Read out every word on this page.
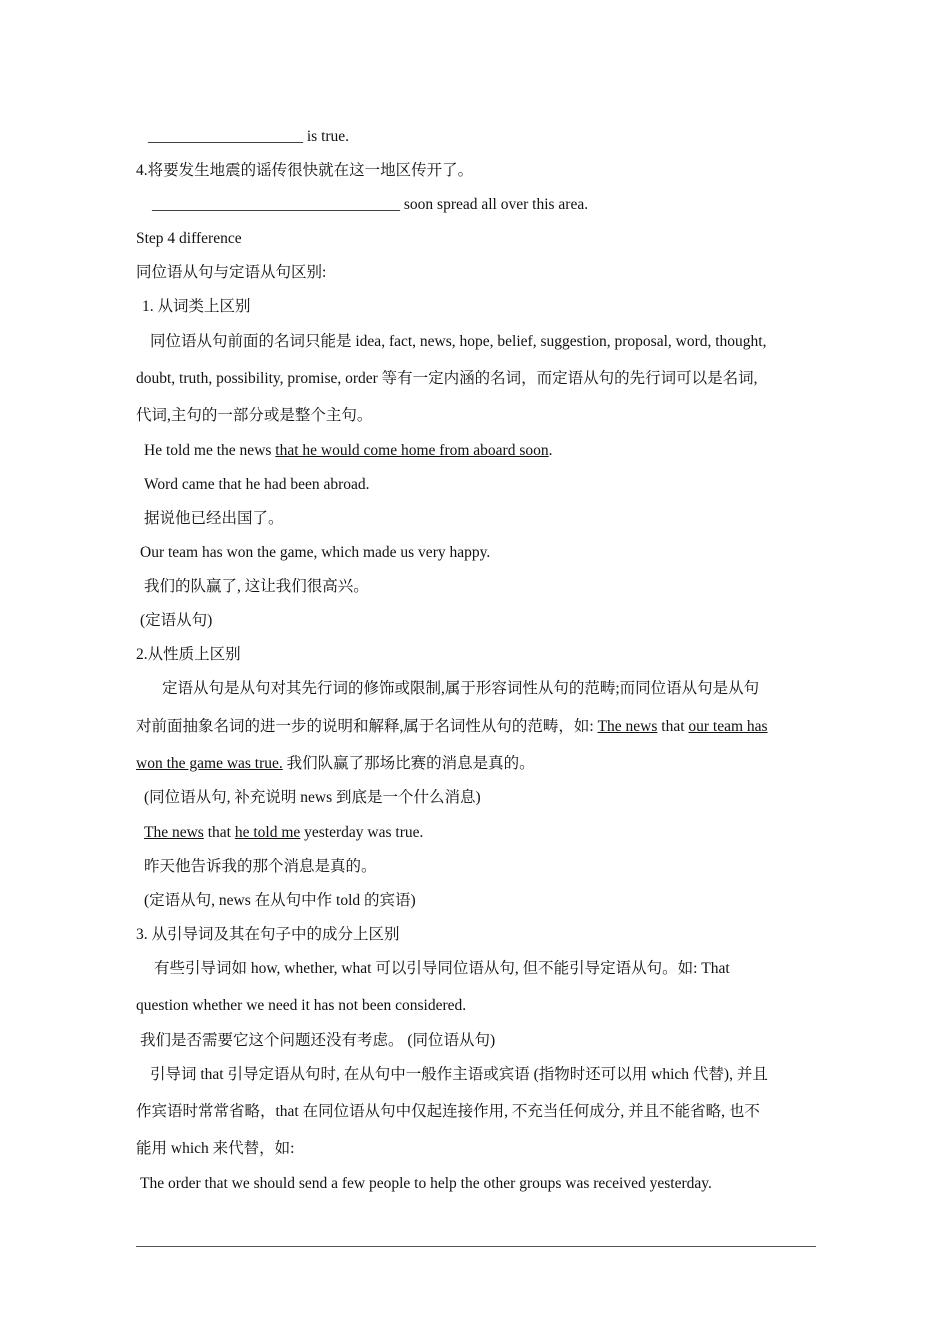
____________________ is true.
4.将要发生地震的谣传很快就在这一地区传开了。
________________________________ soon spread all over this area.
Step 4 difference
同位语从句与定语从句区别:
1. 从词类上区别
同位语从句前面的名词只能是 idea, fact, news, hope, belief, suggestion, proposal, word, thought,
doubt, truth, possibility, promise, order 等有一定内涵的名词，而定语从句的先行词可以是名词,
代词,主句的一部分或是整个主句。
He told me the news that he would come home from aboard soon.
Word came that he had been abroad.
据说他已经出国了。
Our team has won the game, which made us very happy.
我们的队赢了, 这让我们很高兴。
(定语从句)
2.从性质上区别
定语从句是从句对其先行词的修饰或限制,属于形容词性从句的范畴;而同位语从句是从句
对前面抽象名词的进一步的说明和解释,属于名词性从句的范畴，如: The news that our team has
won the game was true. 我们队赢了那场比赛的消息是真的。
(同位语从句, 补充说明 news 到底是一个什么消息)
The news that he told me yesterday was true.
昨天他告诉我的那个消息是真的。
(定语从句, news 在从句中作 told 的宾语)
3. 从引导词及其在句子中的成分上区别
有些引导词如 how, whether, what 可以引导同位语从句, 但不能引导定语从句。如: That
question whether we need it has not been considered.
我们是否需要它这个问题还没有考虑。 (同位语从句)
引导词 that 引导定语从句时, 在从句中一般作主语或宾语 (指物时还可以用 which 代替), 并且
作宾语时常常省略，that 在同位语从句中仅起连接作用, 不充当任何成分, 并且不能省略, 也不
能用 which 来代替，如:
The order that we should send a few people to help the other groups was received yesterday.
